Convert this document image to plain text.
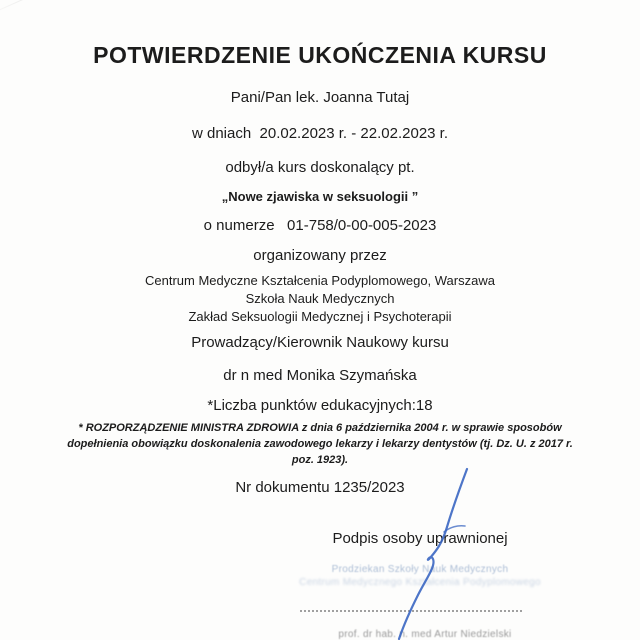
POTWIERDZENIE UKOŃCZENIA KURSU
Pani/Pan lek. Joanna Tutaj
w dniach  20.02.2023 r. - 22.02.2023 r.
odbył/a kurs doskonalący pt.
„Nowe zjawiska w seksuologii ”
o numerze   01-758/0-00-005-2023
organizowany przez
Centrum Medyczne Kształcenia Podyplomowego, Warszawa
Szkoła Nauk Medycznych
Zakład Seksuologii Medycznej i Psychoterapii
Prowadzący/Kierownik Naukowy kursu
dr n med Monika Szymańska
*Liczba punktów edukacyjnych:18
* ROZPORZĄDZENIE MINISTRA ZDROWIA z dnia 6 października 2004 r. w sprawie sposobów dopełnienia obowiązku doskonalenia zawodowego lekarzy i lekarzy dentystów (tj. Dz. U. z 2017 r. poz. 1923).
Nr dokumentu 1235/2023
Podpis osoby uprawnionej
Prodziekan Szkoły Nauk Medycznych
Centrum Medycznego Kształcenia Podyplomowego
prof. dr hab. n. med Artur Niedzielski
